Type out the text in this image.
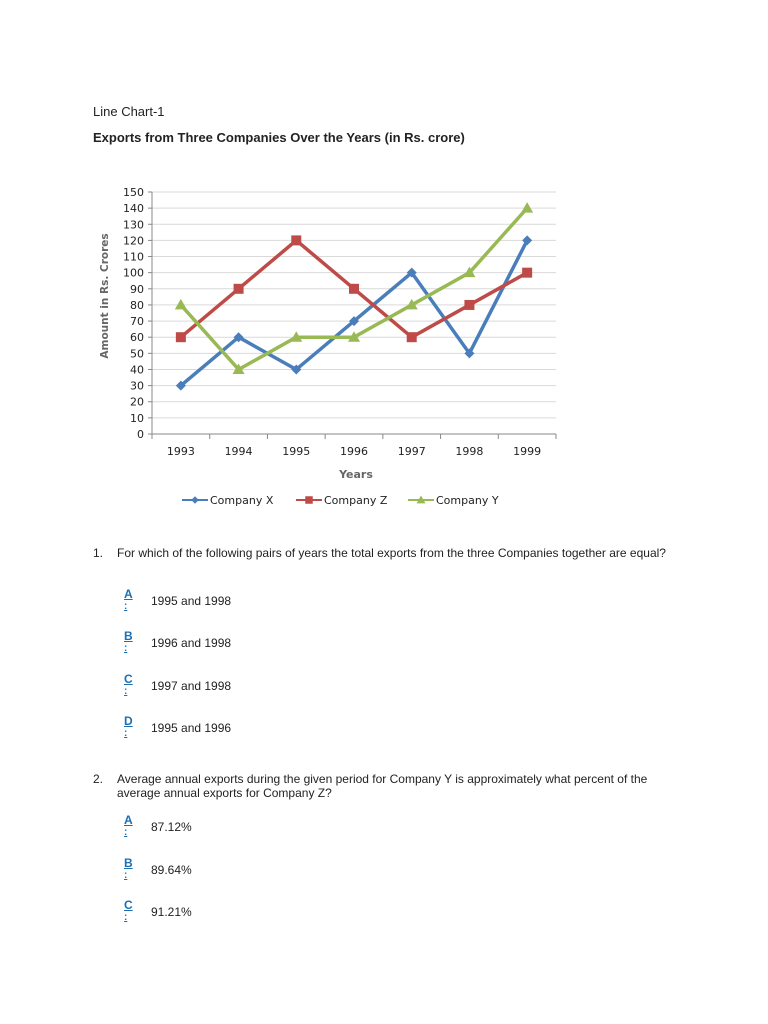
Line Chart-1
Exports from Three Companies Over the Years (in Rs. crore)
0
10
20
30
40
50
60
70
80
90
100
110
120
130
140
150
1993	1994	1995	1996	1997	1998	1999
Amount in Rs. Crores
Years
Company X	Company Z	Company Y
1. For which of the following pairs of years the total exports from the three Companies together are equal?
A
: 1995 and 1998
B
: 1996 and 1998
C
: 1997 and 1998
D
: 1995 and 1996
2. Average annual exports during the given period for Company Y is approximately what percent of the average annual exports for Company Z?
A
: 87.12%
B
: 89.64%
C
: 91.21%
